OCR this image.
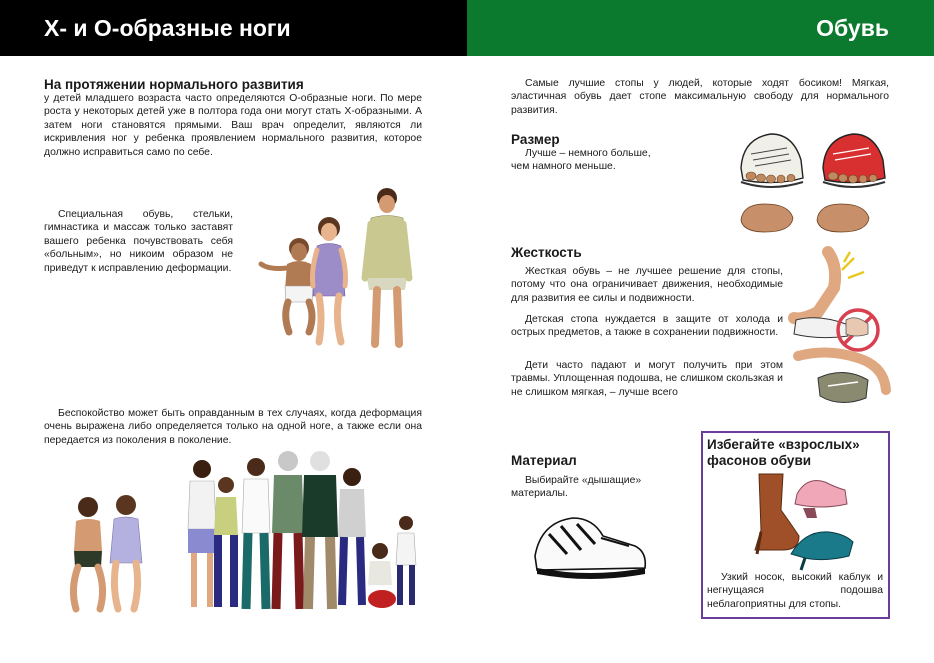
Х- и О-образные ноги	Обувь
На протяжении нормального развития
у детей младшего возраста часто определяются О-образные ноги. По мере роста у некоторых детей уже в полтора года они могут стать Х-образными. А затем ноги становятся прямыми. Ваш врач определит, являются ли искривления ног у ребенка проявлением нормального развития, которое должно исправиться само по себе.
Специальная обувь, стельки, гимнастика и массаж только заставят вашего ребенка почувствовать себя «больным», но никоим образом не приведут к исправлению деформации.
Беспокойство может быть оправданным в тех случаях, когда деформация очень выражена либо определяется только на одной ноге, а также если она передается из поколения в поколение.
Самые лучшие стопы у людей, которые ходят босиком! Мягкая, эластичная обувь дает стопе максимальную свободу для нормального развития.
Размер
Лучше – немного больше, чем намного меньше.
Жесткость
Жесткая обувь – не лучшее решение для стопы, потому что она ограничивает движения, необходимые для развития ее силы и подвижности.
Детская стопа нуждается в защите от холода и острых предметов, а также в сохранении подвижности.
Дети часто падают и могут получить при этом травмы. Уплощенная подошва, не слишком скользкая и не слишком мягкая, – лучше всего
Материал
Выбирайте «дышащие» материалы.
Избегайте «взрослых» фасонов обуви
Узкий носок, высокий каблук и негнущаяся подошва неблагоприятны для стопы.
